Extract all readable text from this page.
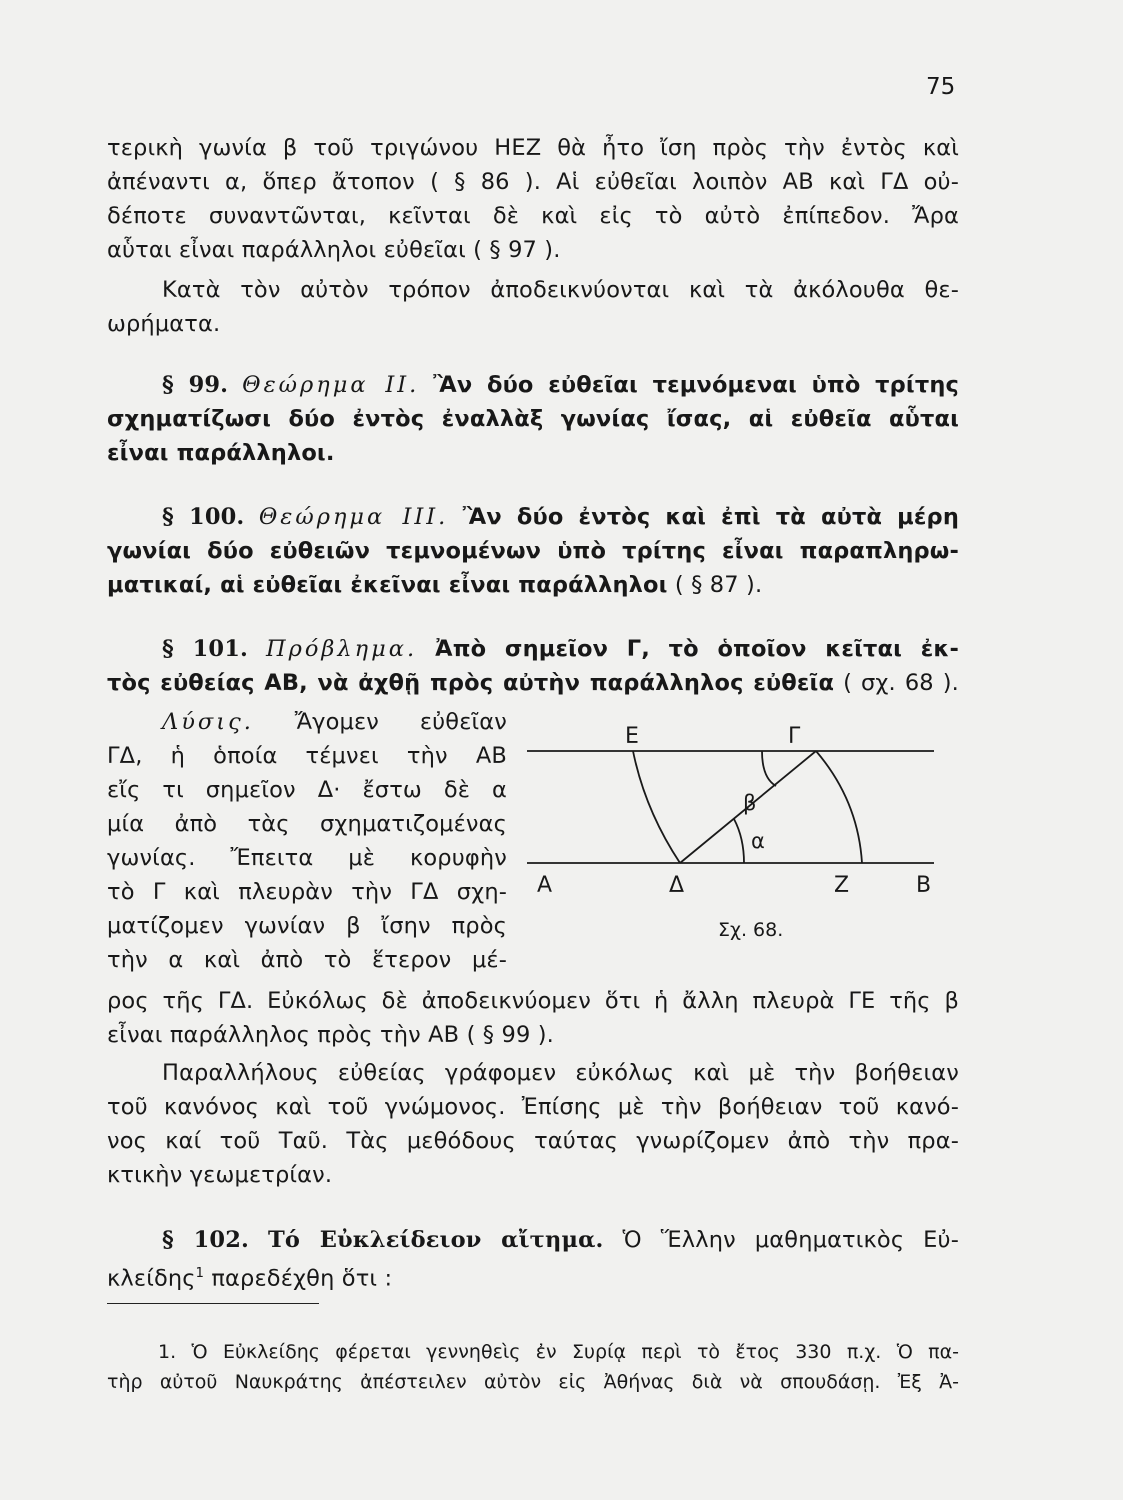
75
τερικὴ γωνία β τοῦ τριγώνου ΗΕΖ θὰ ἦτο ἴση πρὸς τὴν ἐντὸς καὶ
ἀπέναντι α, ὅπερ ἄτοπον ( § 86 ). Αἱ εὐθεῖαι λοιπὸν ΑΒ καὶ ΓΔ οὐ-
δέποτε συναντῶνται, κεῖνται δὲ καὶ εἰς τὸ αὐτὸ ἐπίπεδον. Ἄρα
αὗται εἶναι παράλληλοι εὐθεῖαι ( § 97 ).
Κατὰ τὸν αὐτὸν τρόπον ἀποδεικνύονται καὶ τὰ ἀκόλουθα θε-
ωρήματα.
§ 99. Θεώρημα ΙΙ. Ἂν δύο εὐθεῖαι τεμνόμεναι ὑπὸ τρίτης
σχηματίζωσι δύο ἐντὸς ἐναλλὰξ γωνίας ἴσας, αἱ εὐθεῖα αὗται
εἶναι παράλληλοι.
§ 100. Θεώρημα ΙΙΙ. Ἂν δύο ἐντὸς καὶ ἐπὶ τὰ αὐτὰ μέρη
γωνίαι δύο εὐθειῶν τεμνομένων ὑπὸ τρίτης εἶναι παραπληρω-
ματικαί, αἱ εὐθεῖαι ἐκεῖναι εἶναι παράλληλοι ( § 87 ).
§ 101. Πρόβλημα. Ἀπὸ σημεῖον Γ, τὸ ὁποῖον κεῖται ἐκ-
τὸς εὐθείας ΑΒ, νὰ ἀχθῇ πρὸς αὐτὴν παράλληλος εὐθεῖα ( σχ. 68 ).
Λύσις. Ἄγομεν εὐθεῖαν
ΓΔ, ἡ ὁποία τέμνει τὴν ΑΒ
εἴς τι σημεῖον Δ· ἔστω δὲ α
μία ἀπὸ τὰς σχηματιζομένας
γωνίας. Ἔπειτα μὲ κορυφὴν
τὸ Γ καὶ πλευρὰν τὴν ΓΔ σχη-
ματίζομεν γωνίαν β ἴσην πρὸς
τὴν α καὶ ἀπὸ τὸ ἕτερον μέ-
ρος τῆς ΓΔ. Εὐκόλως δὲ ἀποδεικνύομεν ὅτι ἡ ἄλλη πλευρὰ ΓΕ τῆς β
εἶναι παράλληλος πρὸς τὴν ΑΒ ( § 99 ).
Ε	Γ
β
α
Α	Δ	Ζ	Β
Σχ. 68.
Παραλλήλους εὐθείας γράφομεν εὐκόλως καὶ μὲ τὴν βοήθειαν
τοῦ κανόνος καὶ τοῦ γνώμονος. Ἐπίσης μὲ τὴν βοήθειαν τοῦ κανό-
νος καί τοῦ Ταῦ. Τὰς μεθόδους ταύτας γνωρίζομεν ἀπὸ τὴν πρα-
κτικὴν γεωμετρίαν.
§ 102. Τό Εὐκλείδειον αἴτημα. Ὁ Ἕλλην μαθηματικὸς Εὐ-
κλείδης$^1$ παρεδέχθη ὅτι :
1. Ὁ Εὐκλείδης φέρεται γεννηθεὶς ἐν Συρίᾳ περὶ τὸ ἔτος 330 π.χ. Ὁ πα-
τὴρ αὐτοῦ Ναυκράτης ἀπέστειλεν αὐτὸν εἰς Ἀθήνας διὰ νὰ σπουδάσῃ. Ἐξ Ἀ-
